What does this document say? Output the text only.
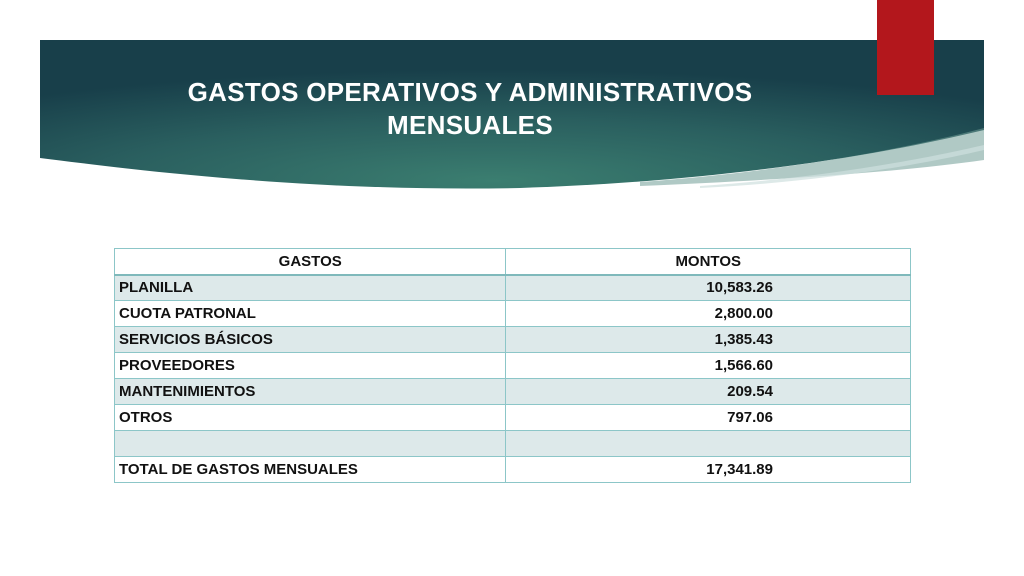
GASTOS OPERATIVOS Y ADMINISTRATIVOS
MENSUALES
GASTOS	MONTOS
PLANILLA	10,583.26
CUOTA PATRONAL	2,800.00
SERVICIOS BÁSICOS	1,385.43
PROVEEDORES	1,566.60
MANTENIMIENTOS	209.54
OTROS	797.06

TOTAL DE GASTOS MENSUALES	17,341.89
